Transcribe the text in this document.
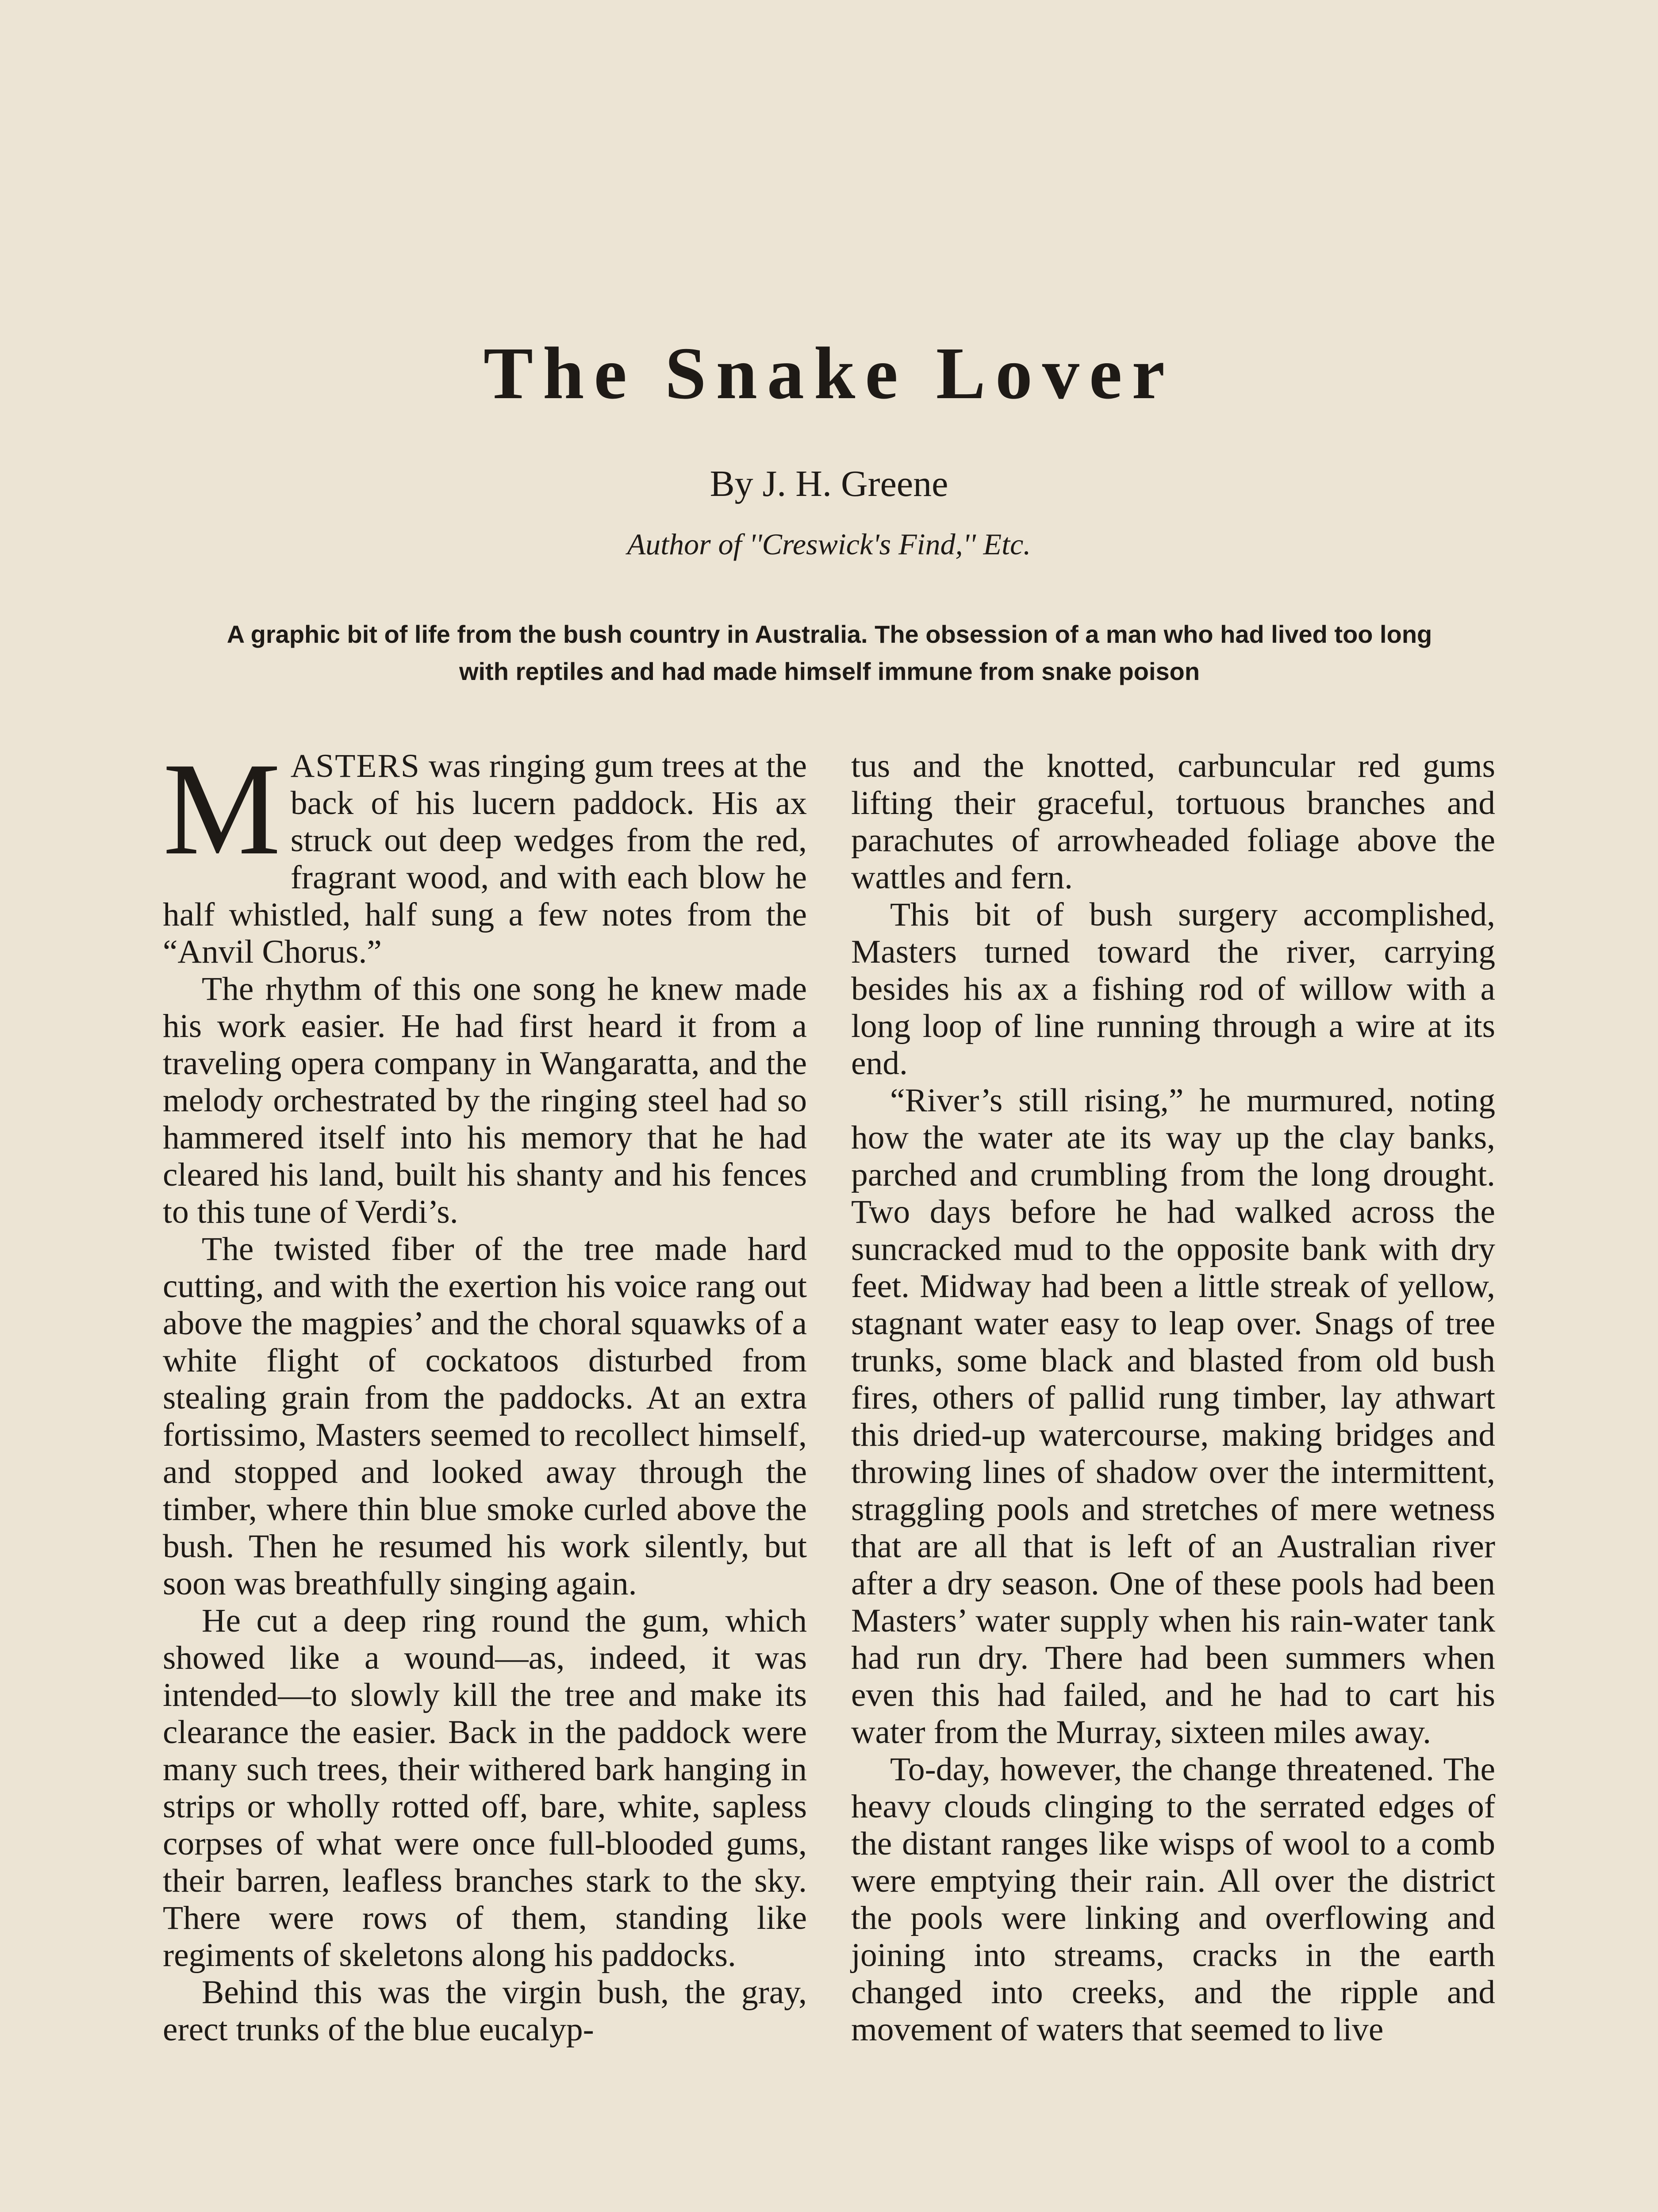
The Snake Lover
By J. H. Greene
Author of ''Creswick's Find,'' Etc.
A graphic bit of life from the bush country in Australia. The obsession of a man who had lived too long with reptiles and had made himself immune from snake poison

MASTERS was ringing gum trees at the back of his lucern paddock. His ax struck out deep wedges from the red, fragrant wood, and with each blow he half whistled, half sung a few notes from the “Anvil Chorus.”

The rhythm of this one song he knew made his work easier. He had first heard it from a traveling opera company in Wangaratta, and the melody orchestrated by the ringing steel had so hammered itself into his memory that he had cleared his land, built his shanty and his fences to this tune of Verdi’s.

The twisted fiber of the tree made hard cutting, and with the exertion his voice rang out above the magpies’ and the choral squawks of a white flight of cockatoos disturbed from stealing grain from the paddocks. At an extra fortissimo, Masters seemed to recollect himself, and stopped and looked away through the timber, where thin blue smoke curled above the bush. Then he resumed his work silently, but soon was breathfully singing again.

He cut a deep ring round the gum, which showed like a wound—as, indeed, it was intended—to slowly kill the tree and make its clearance the easier. Back in the paddock were many such trees, their withered bark hanging in strips or wholly rotted off, bare, white, sapless corpses of what were once full-blooded gums, their barren, leafless branches stark to the sky. There were rows of them, standing like regiments of skeletons along his paddocks.

Behind this was the virgin bush, the gray, erect trunks of the blue eucalyp-

tus and the knotted, carbuncular red gums lifting their graceful, tortuous branches and parachutes of arrowheaded foliage above the wattles and fern.

This bit of bush surgery accomplished, Masters turned toward the river, carrying besides his ax a fishing rod of willow with a long loop of line running through a wire at its end.

“River’s still rising,” he murmured, noting how the water ate its way up the clay banks, parched and crumbling from the long drought. Two days before he had walked across the suncracked mud to the opposite bank with dry feet. Midway had been a little streak of yellow, stagnant water easy to leap over. Snags of tree trunks, some black and blasted from old bush fires, others of pallid rung timber, lay athwart this dried-up watercourse, making bridges and throwing lines of shadow over the intermittent, straggling pools and stretches of mere wetness that are all that is left of an Australian river after a dry season. One of these pools had been Masters’ water supply when his rain-water tank had run dry. There had been summers when even this had failed, and he had to cart his water from the Murray, sixteen miles away.

To-day, however, the change threatened. The heavy clouds clinging to the serrated edges of the distant ranges like wisps of wool to a comb were emptying their rain. All over the district the pools were linking and overflowing and joining into streams, cracks in the earth changed into creeks, and the ripple and movement of waters that seemed to live
